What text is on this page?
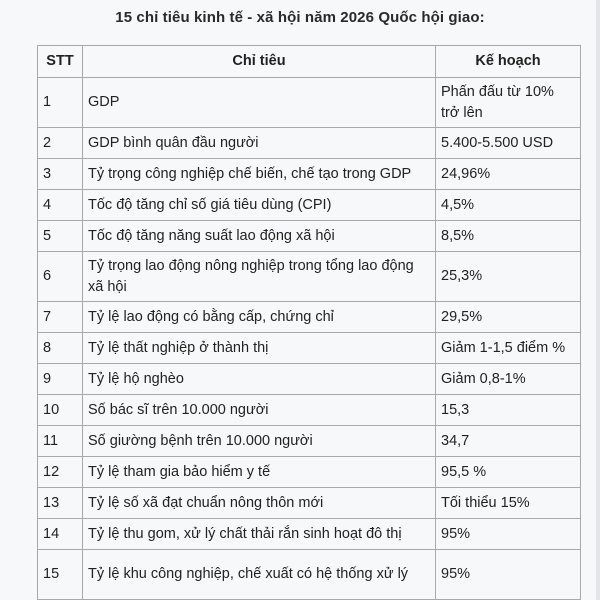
15 chỉ tiêu kinh tế - xã hội năm 2026 Quốc hội giao:
STT	Chỉ tiêu	Kế hoạch
1	GDP	Phấn đấu từ 10% trở lên
2	GDP bình quân đầu người	5.400-5.500 USD
3	Tỷ trọng công nghiệp chế biến, chế tạo trong GDP	24,96%
4	Tốc độ tăng chỉ số giá tiêu dùng (CPI)	4,5%
5	Tốc độ tăng năng suất lao động xã hội	8,5%
6	Tỷ trọng lao động nông nghiệp trong tổng lao động xã hội	25,3%
7	Tỷ lệ lao động có bằng cấp, chứng chỉ	29,5%
8	Tỷ lệ thất nghiệp ở thành thị	Giảm 1-1,5 điểm %
9	Tỷ lệ hộ nghèo	Giảm 0,8-1%
10	Số bác sĩ trên 10.000 người	15,3
11	Số giường bệnh trên 10.000 người	34,7
12	Tỷ lệ tham gia bảo hiểm y tế	95,5 %
13	Tỷ lệ số xã đạt chuẩn nông thôn mới	Tối thiểu 15%
14	Tỷ lệ thu gom, xử lý chất thải rắn sinh hoạt đô thị	95%
15	Tỷ lệ khu công nghiệp, chế xuất có hệ thống xử lý	95%
